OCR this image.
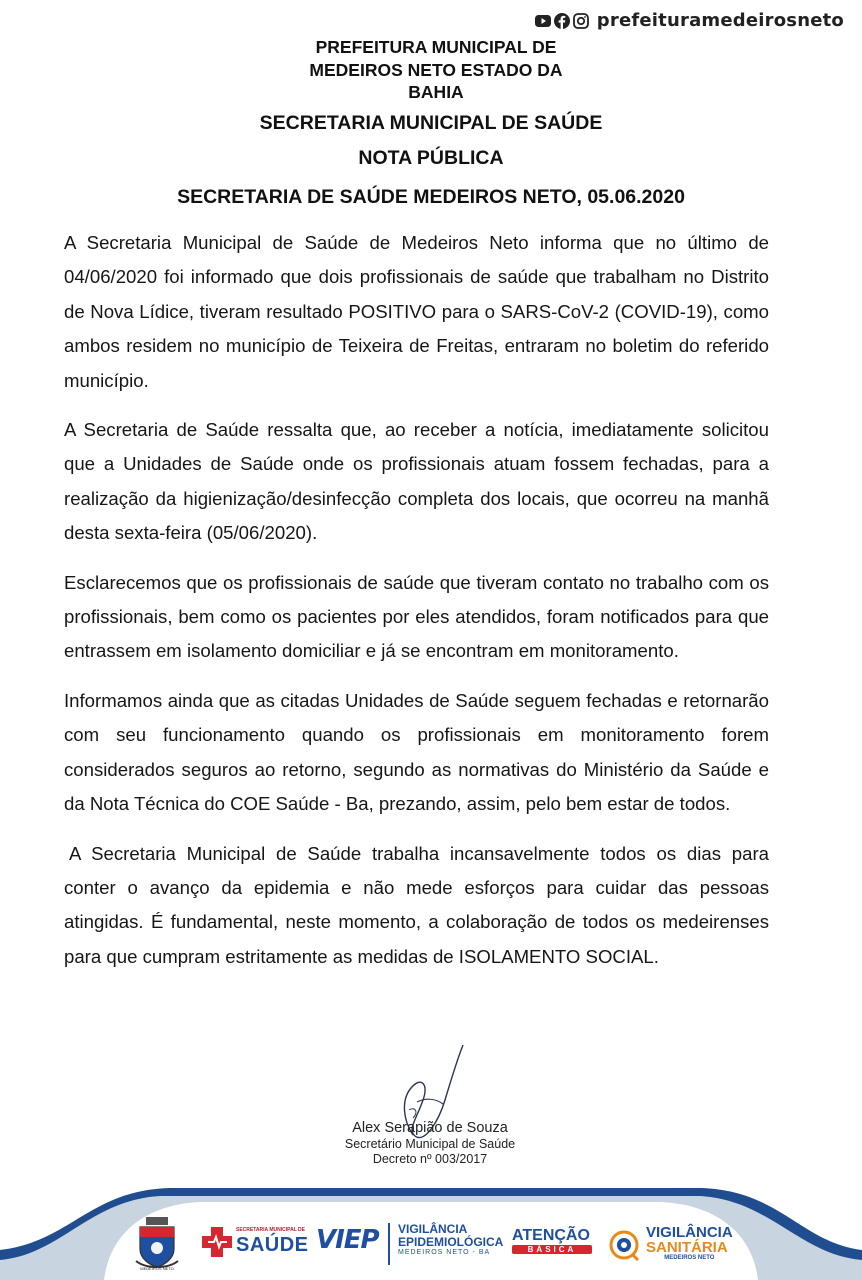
prefeituramedeirosneto
PREFEITURA MUNICIPAL DE MEDEIROS NETO ESTADO DA BAHIA
SECRETARIA MUNICIPAL DE SAÚDE
NOTA PÚBLICA
SECRETARIA DE SAÚDE MEDEIROS NETO, 05.06.2020

A Secretaria Municipal de Saúde de Medeiros Neto informa que no último de 04/06/2020 foi informado que dois profissionais de saúde que trabalham no Distrito de Nova Lídice, tiveram resultado POSITIVO para o SARS-CoV-2 (COVID-19), como ambos residem no município de Teixeira de Freitas, entraram no boletim do referido município.

A Secretaria de Saúde ressalta que, ao receber a notícia, imediatamente solicitou que a Unidades de Saúde onde os profissionais atuam fossem fechadas, para a realização da higienização/desinfecção completa dos locais, que ocorreu na manhã desta sexta-feira (05/06/2020).

Esclarecemos que os profissionais de saúde que tiveram contato no trabalho com os profissionais, bem como os pacientes por eles atendidos, foram notificados para que entrassem em isolamento domiciliar e já se encontram em monitoramento.

Informamos ainda que as citadas Unidades de Saúde seguem fechadas e retornarão com seu funcionamento quando os profissionais em monitoramento forem considerados seguros ao retorno, segundo as normativas do Ministério da Saúde e da Nota Técnica do COE Saúde - Ba, prezando, assim, pelo bem estar de todos.

A Secretaria Municipal de Saúde trabalha incansavelmente todos os dias para conter o avanço da epidemia e não mede esforços para cuidar das pessoas atingidas. É fundamental, neste momento, a colaboração de todos os medeirenses para que cumpram estritamente as medidas de ISOLAMENTO SOCIAL.

Alex Serapião de Souza
Secretário Municipal de Saúde
Decreto nº 003/2017
MEDEIROS NETO
SECRETARIA MUNICIPAL DE
SAÚDE VIEP VIGILÂNCIA
EPIDEMIOLÓGICA
MEDEIROS NETO - BA
ATENÇÃO
BÁSICA
VIGILÂNCIA
SANITÁRIA
MEDEIROS NETO
